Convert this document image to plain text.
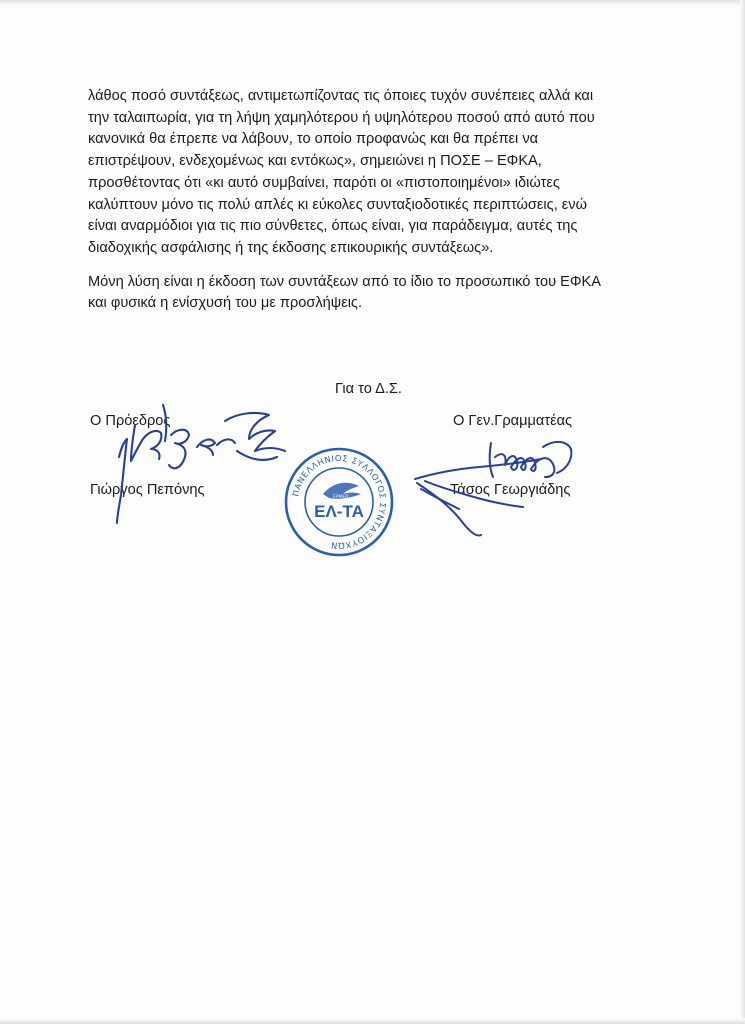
λάθος ποσό συντάξεως, αντιμετωπίζοντας τις όποιες τυχόν συνέπειες αλλά και
την ταλαιπωρία, για τη λήψη χαμηλότερου ή υψηλότερου ποσού από αυτό που
κανονικά θα έπρεπε να λάβουν, το οποίο προφανώς και θα πρέπει να
επιστρέψουν, ενδεχομένως και εντόκως», σημειώνει η ΠΟΣΕ – ΕΦΚΑ,
προσθέτοντας ότι «κι αυτό συμβαίνει, παρότι οι «πιστοποιημένοι» ιδιώτες
καλύπτουν μόνο τις πολύ απλές κι εύκολες συνταξιοδοτικές περιπτώσεις, ενώ
είναι αναρμόδιοι για τις πιο σύνθετες, όπως είναι, για παράδειγμα, αυτές της
διαδοχικής ασφάλισης ή της έκδοσης επικουρικής συντάξεως».

Μόνη λύση είναι η έκδοση των συντάξεων από το ίδιο το προσωπικό του ΕΦΚΑ
και φυσικά η ενίσχυσή του με προσλήψεις.

Για το Δ.Σ.
Ο Πρόεδρος	Ο Γεν.Γραμματέας
Γιώργος Πεπόνης	Τάσος Γεωργιάδης
ΠΑΝΕΛΛΗΝΙΟΣ ΣΥΛΛΟΓΟΣ ΣΥΝΤΑΞΙΟΥΧΩΝ
ΕΡΜΗΣ
ΕΛ-ΤΑ
